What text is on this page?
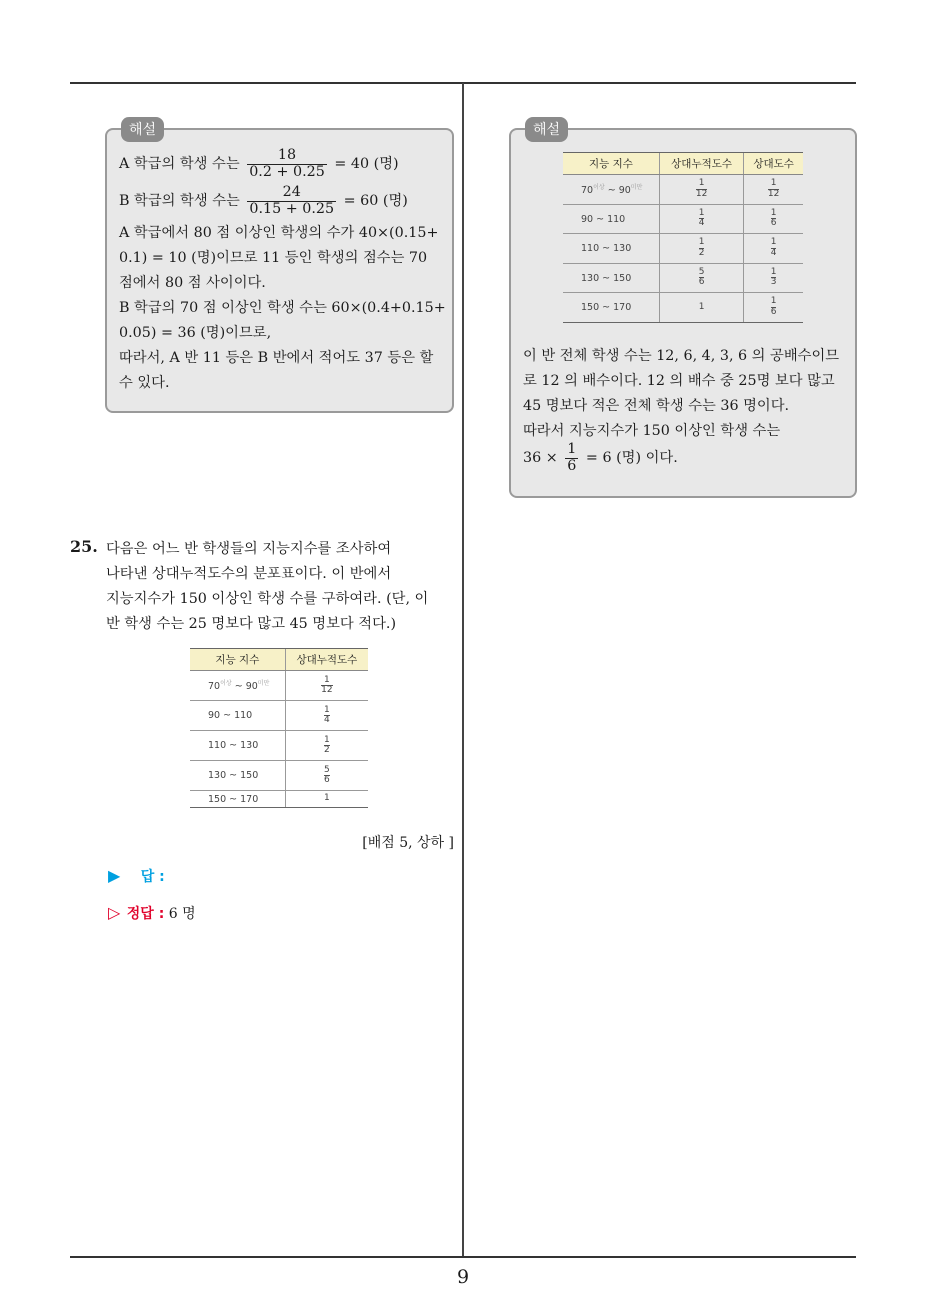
해설
A 학급의 학생 수는 $\frac{18}{0.2 + 0.25} = 40$ (명)
B 학급의 학생 수는 $\frac{24}{0.15 + 0.25} = 60$ (명)
A 학급에서 80 점 이상인 학생의 수가 40×(0.15+
0.1) = 10 (명)이므로 11 등인 학생의 점수는 70
점에서 80 점 사이이다.
B 학급의 70 점 이상인 학생 수는 60×(0.4+0.15+
0.05) = 36 (명)이므로,
따라서, A 반 11 등은 B 반에서 적어도 37 등은 할
수 있다.
해설
지능 지수	상대누적도수	상대도수
$70^{이상}$ ~ $90^{미만}$	$\frac{1}{12}$	$\frac{1}{12}$

90 ~ 110	$\frac{1}{4}$	$\frac{1}{6}$

110 ~ 130	$\frac{1}{2}$	$\frac{1}{4}$

130 ~ 150	$\frac{5}{6}$	$\frac{1}{3}$

150 ~ 170	1	$\frac{1}{6}$
이 반 전체 학생 수는 12, 6, 4, 3, 6 의 공배수이므
로 12 의 배수이다. 12 의 배수 중 25명 보다 많고
45 명보다 적은 전체 학생 수는 36 명이다.
따라서 지능지수가 150 이상인 학생 수는
$36 \times \frac{1}{6} = 6$ (명) 이다.
25. 다음은 어느 반 학생들의 지능지수를 조사하여
나타낸 상대누적도수의 분포표이다. 이 반에서
지능지수가 150 이상인 학생 수를 구하여라. (단, 이
반 학생 수는 25 명보다 많고 45 명보다 적다.)
지능 지수	상대누적도수
$70^{이상}$ ~ $90^{미만}$	$\frac{1}{12}$

90 ~ 110	$\frac{1}{4}$

110 ~ 130	$\frac{1}{2}$

130 ~ 150	$\frac{5}{6}$

150 ~ 170	1
[배점 5, 상하 ]
▶ 답 :
▷ 정답 : 6 명
9
